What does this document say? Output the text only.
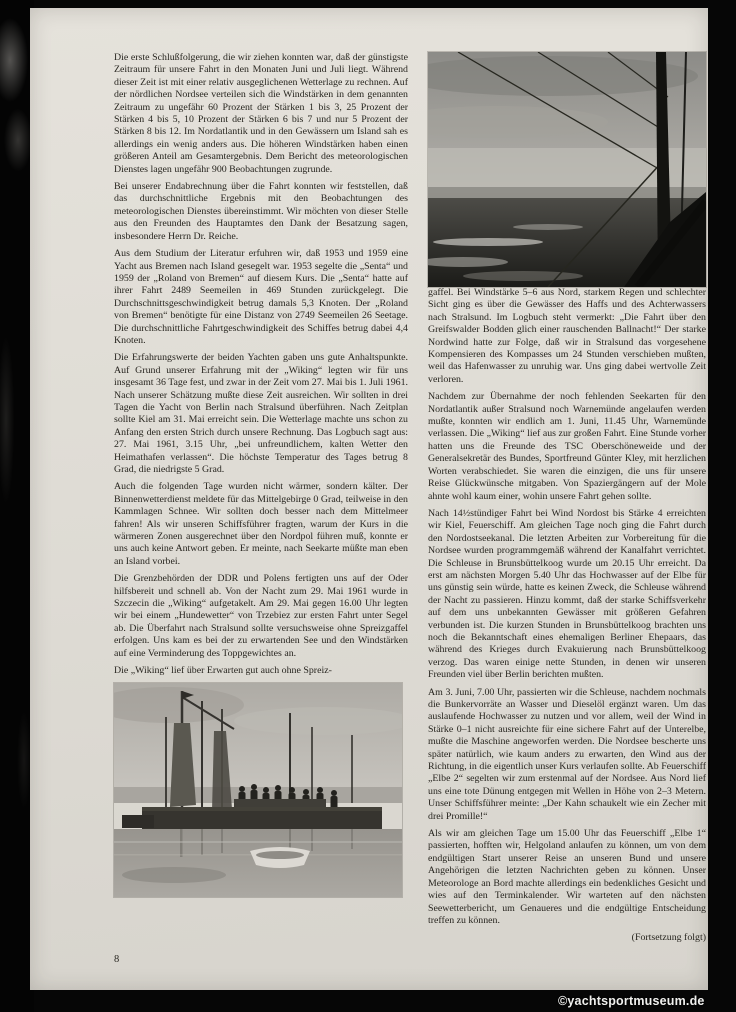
Die erste Schlußfolgerung, die wir ziehen konnten war, daß der günstigste Zeitraum für unsere Fahrt in den Monaten Juni und Juli liegt. Während dieser Zeit ist mit einer relativ ausgeglichenen Wetterlage zu rechnen. Auf der nördlichen Nordsee verteilen sich die Windstärken in dem genannten Zeitraum zu ungefähr 60 Prozent der Stärken 1 bis 3, 25 Prozent der Stärken 4 bis 5, 10 Prozent der Stärken 6 bis 7 und nur 5 Prozent der Stärken 8 bis 12. Im Nordatlantik und in den Gewässern um Island sah es allerdings ein wenig anders aus. Die höheren Windstärken haben einen größeren Anteil am Gesamtergebnis. Dem Bericht des meteorologischen Dienstes lagen ungefähr 900 Beobachtungen zugrunde.

Bei unserer Endabrechnung über die Fahrt konnten wir feststellen, daß das durchschnittliche Ergebnis mit den Beobachtungen des meteorologischen Dienstes übereinstimmt. Wir möchten von dieser Stelle aus den Freunden des Hauptamtes den Dank der Besatzung sagen, insbesondere Herrn Dr. Reiche.

Aus dem Studium der Literatur erfuhren wir, daß 1953 und 1959 eine Yacht aus Bremen nach Island gesegelt war. 1953 segelte die „Senta“ und 1959 der „Roland von Bremen“ auf diesem Kurs. Die „Senta“ hatte auf ihrer Fahrt 2489 Seemeilen in 469 Stunden zurückgelegt. Die Durchschnittsgeschwindigkeit betrug damals 5,3 Knoten. Der „Roland von Bremen“ benötigte für eine Distanz von 2749 Seemeilen 26 Seetage. Die durchschnittliche Fahrtgeschwindigkeit des Schiffes betrug dabei 4,4 Knoten.

Die Erfahrungswerte der beiden Yachten gaben uns gute Anhaltspunkte. Auf Grund unserer Erfahrung mit der „Wiking“ legten wir für uns insgesamt 36 Tage fest, und zwar in der Zeit vom 27. Mai bis 1. Juli 1961. Nach unserer Schätzung mußte diese Zeit ausreichen. Wir sollten in drei Tagen die Yacht von Berlin nach Stralsund überführen. Nach Zeitplan sollte Kiel am 31. Mai erreicht sein. Die Wetterlage machte uns schon zu Anfang den ersten Strich durch unsere Rechnung. Das Logbuch sagt aus: 27. Mai 1961, 3.15 Uhr, „bei unfreundlichem, kalten Wetter den Heimathafen verlassen“. Die höchste Temperatur des Tages betrug 8 Grad, die niedrigste 5 Grad.

Auch die folgenden Tage wurden nicht wärmer, sondern kälter. Der Binnenwetterdienst meldete für das Mittelgebirge 0 Grad, teilweise in den Kammlagen Schnee. Wir sollten doch besser nach dem Mittelmeer fahren! Als wir unseren Schiffsführer fragten, warum der Kurs in die wärmeren Zonen ausgerechnet über den Nordpol führen muß, konnte er uns auch keine Antwort geben. Er meinte, nach Seekarte müßte man eben an Island vorbei.

Die Grenzbehörden der DDR und Polens fertigten uns auf der Oder hilfsbereit und schnell ab. Von der Nacht zum 29. Mai 1961 wurde in Szczecin die „Wiking“ aufgetakelt. Am 29. Mai gegen 16.00 Uhr legten wir bei einem „Hundewetter“ von Trzebiez zur ersten Fahrt unter Segel ab. Die Überfahrt nach Stralsund sollte versuchsweise ohne Spreizgaffel erfolgen. Uns kam es bei der zu erwartenden See und den Windstärken auf eine Verminderung des Toppgewichtes an.

Die „Wiking“ lief über Erwarten gut auch ohne Spreiz-

gaffel. Bei Windstärke 5–6 aus Nord, starkem Regen und schlechter Sicht ging es über die Gewässer des Haffs und des Achterwassers nach Stralsund. Im Logbuch steht vermerkt: „Die Fahrt über den Greifswalder Bodden glich einer rauschenden Ballnacht!“ Der starke Nordwind hatte zur Folge, daß wir in Stralsund das vorgesehene Kompensieren des Kompasses um 24 Stunden verschieben mußten, weil das Hafenwasser zu unruhig war. Uns ging dabei wertvolle Zeit verloren.

Nachdem zur Übernahme der noch fehlenden Seekarten für den Nordatlantik außer Stralsund noch Warnemünde angelaufen werden mußte, konnten wir endlich am 1. Juni, 11.45 Uhr, Warnemünde verlassen. Die „Wiking“ lief aus zur großen Fahrt. Eine Stunde vorher hatten uns die Freunde des TSC Oberschöneweide und der Generalsekretär des Bundes, Sportfreund Günter Kley, mit herzlichen Worten verabschiedet. Sie waren die einzigen, die uns für unsere Reise Glückwünsche mitgaben. Von Spaziergängern auf der Mole ahnte wohl kaum einer, wohin unsere Fahrt gehen sollte.

Nach 14½stündiger Fahrt bei Wind Nordost bis Stärke 4 erreichten wir Kiel, Feuerschiff. Am gleichen Tage noch ging die Fahrt durch den Nordostseekanal. Die letzten Arbeiten zur Vorbereitung für die Nordsee wurden programmgemäß während der Kanalfahrt verrichtet. Die Schleuse in Brunsbüttelkoog wurde um 20.15 Uhr erreicht. Da erst am nächsten Morgen 5.40 Uhr das Hochwasser auf der Elbe für uns günstig sein würde, hatte es keinen Zweck, die Schleuse während der Nacht zu passieren. Hinzu kommt, daß der starke Schiffsverkehr auf dem uns unbekannten Gewässer mit größeren Gefahren verbunden ist. Die kurzen Stunden in Brunsbüttelkoog brachten uns noch die Bekanntschaft eines ehemaligen Berliner Ehepaars, das während des Krieges durch Evakuierung nach Brunsbüttelkoog verzog. Das waren einige nette Stunden, in denen wir unseren Freunden viel über Berlin berichten mußten.

Am 3. Juni, 7.00 Uhr, passierten wir die Schleuse, nachdem nochmals die Bunkervorräte an Wasser und Dieselöl ergänzt waren. Um das auslaufende Hochwasser zu nutzen und vor allem, weil der Wind in Stärke 0–1 nicht ausreichte für eine sichere Fahrt auf der Unterelbe, mußte die Maschine angeworfen werden. Die Nordsee bescherte uns später natürlich, wie kaum anders zu erwarten, den Wind aus der Richtung, in die eigentlich unser Kurs verlaufen sollte. Ab Feuerschiff „Elbe 2“ segelten wir zum erstenmal auf der Nordsee. Aus Nord lief uns eine tote Dünung entgegen mit Wellen in Höhe von 2–3 Metern. Unser Schiffsführer meinte: „Der Kahn schaukelt wie ein Zecher mit drei Promille!“

Als wir am gleichen Tage um 15.00 Uhr das Feuerschiff „Elbe 1“ passierten, hofften wir, Helgoland anlaufen zu können, um von dem endgültigen Start unserer Reise an unseren Bund und unsere Angehörigen die letzten Nachrichten geben zu können. Unser Meteorologe an Bord machte allerdings ein bedenkliches Gesicht und wies auf den Terminkalender. Wir warteten auf den nächsten Seewetterbericht, um Genaueres und die endgültige Entscheidung treffen zu können.

(Fortsetzung folgt)

8
©yachtsportmuseum.de
